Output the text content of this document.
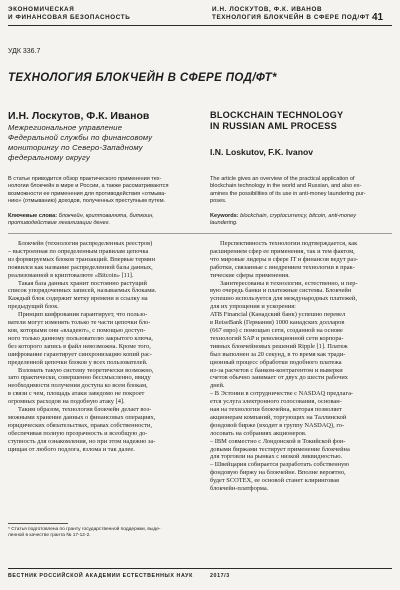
ЭКОНОМИЧЕСКАЯ
И ФИНАНСОВАЯ БЕЗОПАСНОСТЬ
И.Н. ЛОСКУТОВ, Ф.К. ИВАНОВ
ТЕХНОЛОГИЯ БЛОКЧЕЙН В СФЕРЕ ПОД/ФТ 41
УДК 336.7
ТЕХНОЛОГИЯ БЛОКЧЕЙН В СФЕРЕ ПОД/ФТ*
И.Н. Лоскутов, Ф.К. Иванов
Межрегиональное управление
Федеральной службы по финансовому
мониторингу по Северо-Западному
федеральному округу
BLOCKCHAIN TECHNOLOGY
IN RUSSIAN AML PROCESS
I.N. Loskutov, F.K. Ivanov
В статье приводится обзор практического применения тех-
нологии блокчейн в мире и России, а также рассматриваются
возможности ее применения для противодействия «отмыва-
нию» (отмыванию) доходов, полученных преступным путем.
The article gives an overview of the practical application of
blockchain technology in the world and Russian, and also ex-
amines the possibilities of its use in anti-money laundering pur-
poses.
Ключевые слова: блокчейн, криптовалюта, биткоин,
противодействие легализации денег.
Keywords: blockchain, cryptocurrency, bitcoin, anti-money
laundering.
Блокчейн (технология распределенных реестров)
– выстроенная по определенным правилам цепочка
из формируемых блоков транзакций. Впервые термин
появился как название распределенной базы данных,
реализованной в криптовалюте «Bitcoin» [11].
Такая база данных хранит постоянно растущий
список упорядоченных записей, называемых блоками.
Каждый блок содержит метку времени и ссылку на
предыдущий блок.
Принцип шифрования гарантирует, что пользо-
ватели могут изменять только те части цепочки бло-
ков, которыми они «владеют», с помощью доступ-
ного только данному пользователю закрытого ключа,
без которого запись в файл невозможна. Кроме того,
шифрование гарантирует синхронизацию копий рас-
пределенной цепочки блоков у всех пользователей.
Взломать такую систему теоретически возможно,
зато практически, совершенно бессмысленно, ввиду
необходимости получения доступа ко всем блокам,
в связи с чем, площадь атаки заведомо не покроет
огромных расходов на подобную атаку [4].
Таким образом, технология блокчейн делает воз-
можными хранение данных о финансовых операциях,
юридических обязательствах, правах собственности,
обеспечивая полную прозрачность и всеобщую до-
ступность для ознакомления, но при этом надежно за-
щищая от любого подлога, взлома и так далее.
Перспективность технологии подтверждается, как
расширением сфер ее применения, так и тем фактом,
что мировые лидеры в сфере IT и финансов ведут раз-
работки, связанные с внедрением технологии в прак-
тические сферы применения.
Заинтересованы в технологии, естественно, и пер-
вую очередь банки и платежные системы. Блокчейн
успешно используется для международных платежей,
для их упрощения и ускорения:
ATB Financial (Канадский банк) успешно перевел
в ReiseBank (Германия) 1000 канадских долларов
(667 евро) с помощью сети, созданной на основе
технологий SAP и революционной сети корпора-
тивных блокчейновых решений Ripple [1]. Платеж
был выполнен за 20 секунд, в то время как тради-
ционный процесс обработки подобного платежа
из-за расчетов с банком-контрагентом и выверки
счетов обычно занимает от двух до шести рабочих
дней.
– В Эстонии в сотрудничестве с NASDAQ предлага-
ется услуга электронного голосования, основан-
ная на технологии блокчейна, которая позволяет
акционерам компаний, торгующих на Таллинской
фондовой бирже (входит в группу NASDAQ), го-
лосовать на собраниях акционеров.
– IBM совместно с Лондонской и Токийской фон-
довыми биржами тестирует применение блокчейна
для торговли на рынках с низкой ликвидностью.
– Швейцария собирается разработать собственную
фондовую биржу на блокчейне. Вполне вероятно,
будет SCOTEX, ее основой станет клиринговая
блокчейн-платформа.
* Статья подготовлена по гранту государственной поддержки, выде-
ленной в качестве гранта № 17-12-2.
ВЕСТНИК РОССИЙСКОЙ АКАДЕМИИ ЕСТЕСТВЕННЫХ НАУК	2017/3
